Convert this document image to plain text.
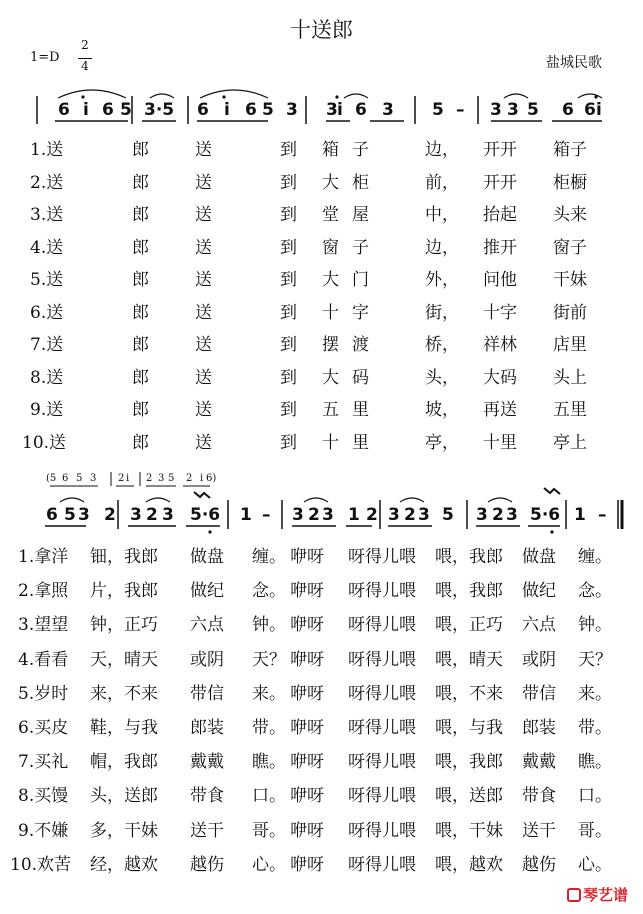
十送郎
1=D
2
4	盐城民歌
6 i 6 5 3·5 6 i 6 5 3 3 i 6 3 5 – 3 3 5 6 6 i
1.送	郎	送	到 箱 子	边， 开开 箱子
2.送	郎	送	到 大 柜	前， 开开 柜橱
3.送	郎	送	到 堂 屋	中， 抬起 头来
4.送	郎	送	到 窗 子	边， 推开 窗子
5.送	郎	送	到 大 门	外， 问他 干妹
6.送	郎	送	到 十 字	街， 十字 街前
7.送	郎	送	到 摆 渡	桥， 祥林 店里
8.送	郎	送	到 大 码	头， 大码 头上
9.送	郎	送	到 五 里	坡， 再送 五里
10.送	郎	送	到 十 里	亭， 十里 亭上
(5 6 5 3 2 i 2 3 5 2 i 6)
6 5 3 2 3 2 3 5·6 1 – 3 2 3 1 2 3 2 3 5 3 2 3 5·6 1 –
1.拿洋 钿，我郎 做盘 缠。 咿呀 呀得儿喂 喂，我郎 做盘 缠。
2.拿照 片，我郎 做纪 念。 咿呀 呀得儿喂 喂，我郎 做纪 念。
3.望望 钟，正巧 六点 钟。 咿呀 呀得儿喂 喂，正巧 六点 钟。
4.看看 天，晴天 或阴 天？ 咿呀 呀得儿喂 喂，晴天 或阴 天？
5.岁时 来，不来 带信 来。 咿呀 呀得儿喂 喂，不来 带信 来。
6.买皮 鞋，与我 郎装 带。 咿呀 呀得儿喂 喂，与我 郎装 带。
7.买礼 帽，我郎 戴戴 瞧。 咿呀 呀得儿喂 喂，我郎 戴戴 瞧。
8.买馒 头，送郎 带食 口。 咿呀 呀得儿喂 喂，送郎 带食 口。
9.不嫌 多，干妹 送干 哥。 咿呀 呀得儿喂 喂，干妹 送干 哥。
10.欢苦 经，越欢 越伤 心。 咿呀 呀得儿喂 喂，越欢 越伤 心。
琴艺谱
